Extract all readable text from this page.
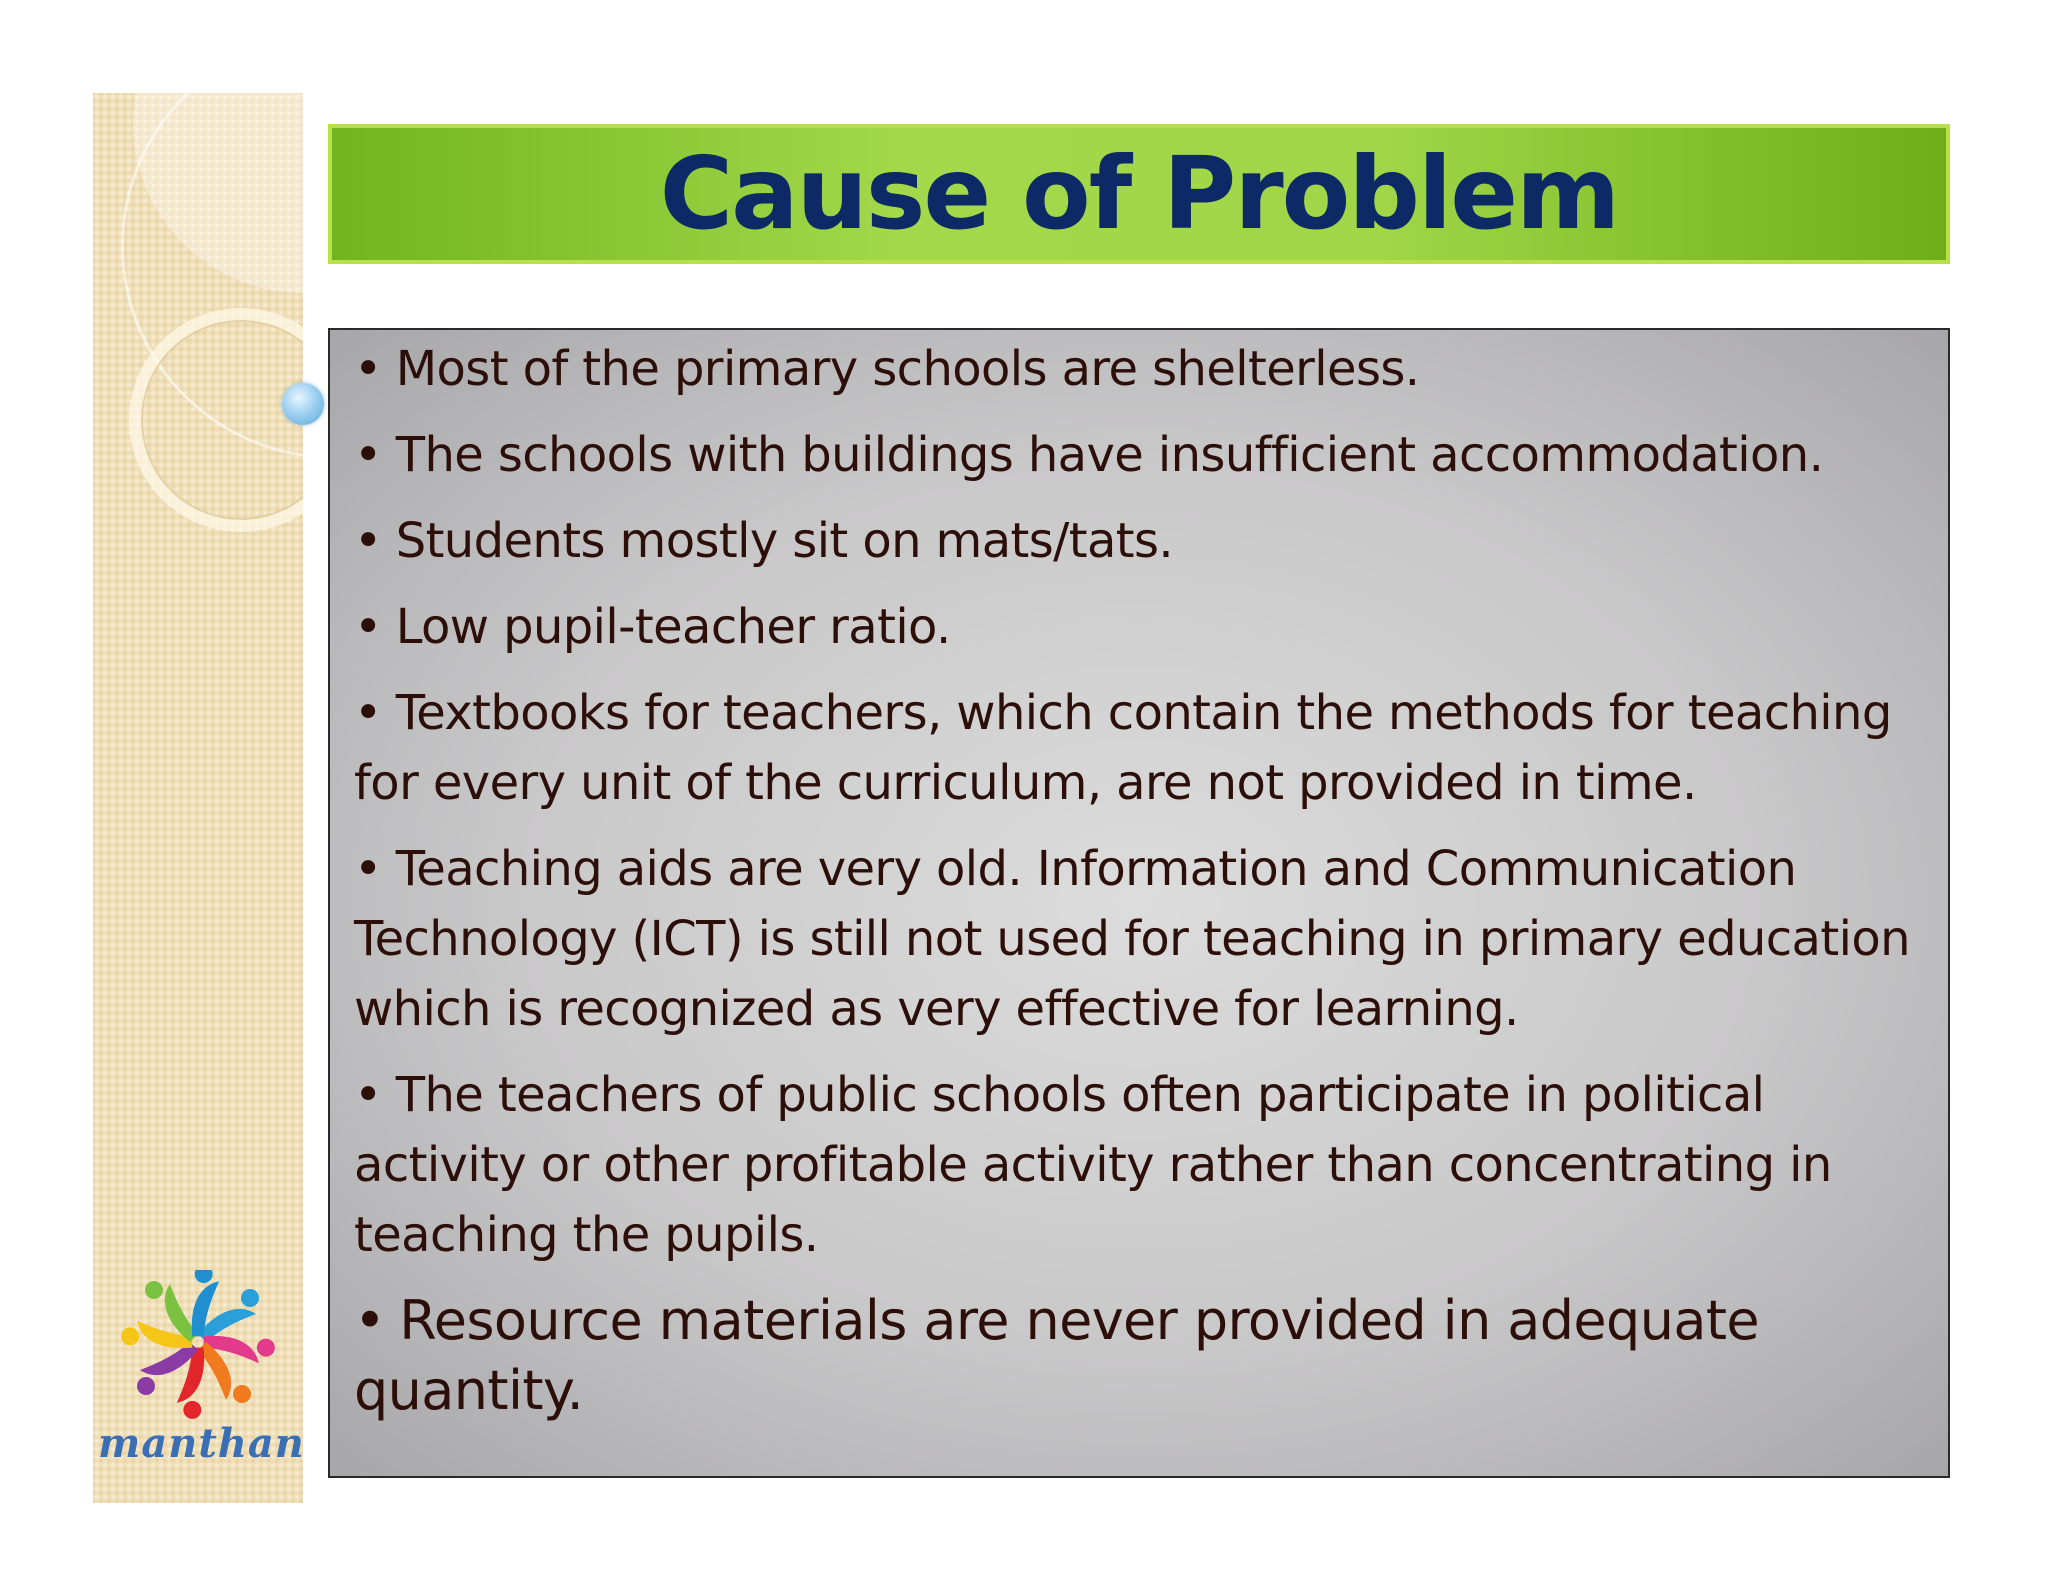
manthan
Cause of Problem
• Most of the primary schools are shelterless.
• The schools with buildings have insufficient accommodation.
• Students mostly sit on mats/tats.
• Low pupil-teacher ratio.
• Textbooks for teachers, which contain the methods for teaching for every unit of the curriculum, are not provided in time.
• Teaching aids are very old. Information and Communication Technology (ICT) is still not used for teaching in primary education which is recognized as very effective for learning.
• The teachers of public schools often participate in political activity or other profitable activity rather than concentrating in teaching the pupils.
• Resource materials are never provided in adequate quantity.
